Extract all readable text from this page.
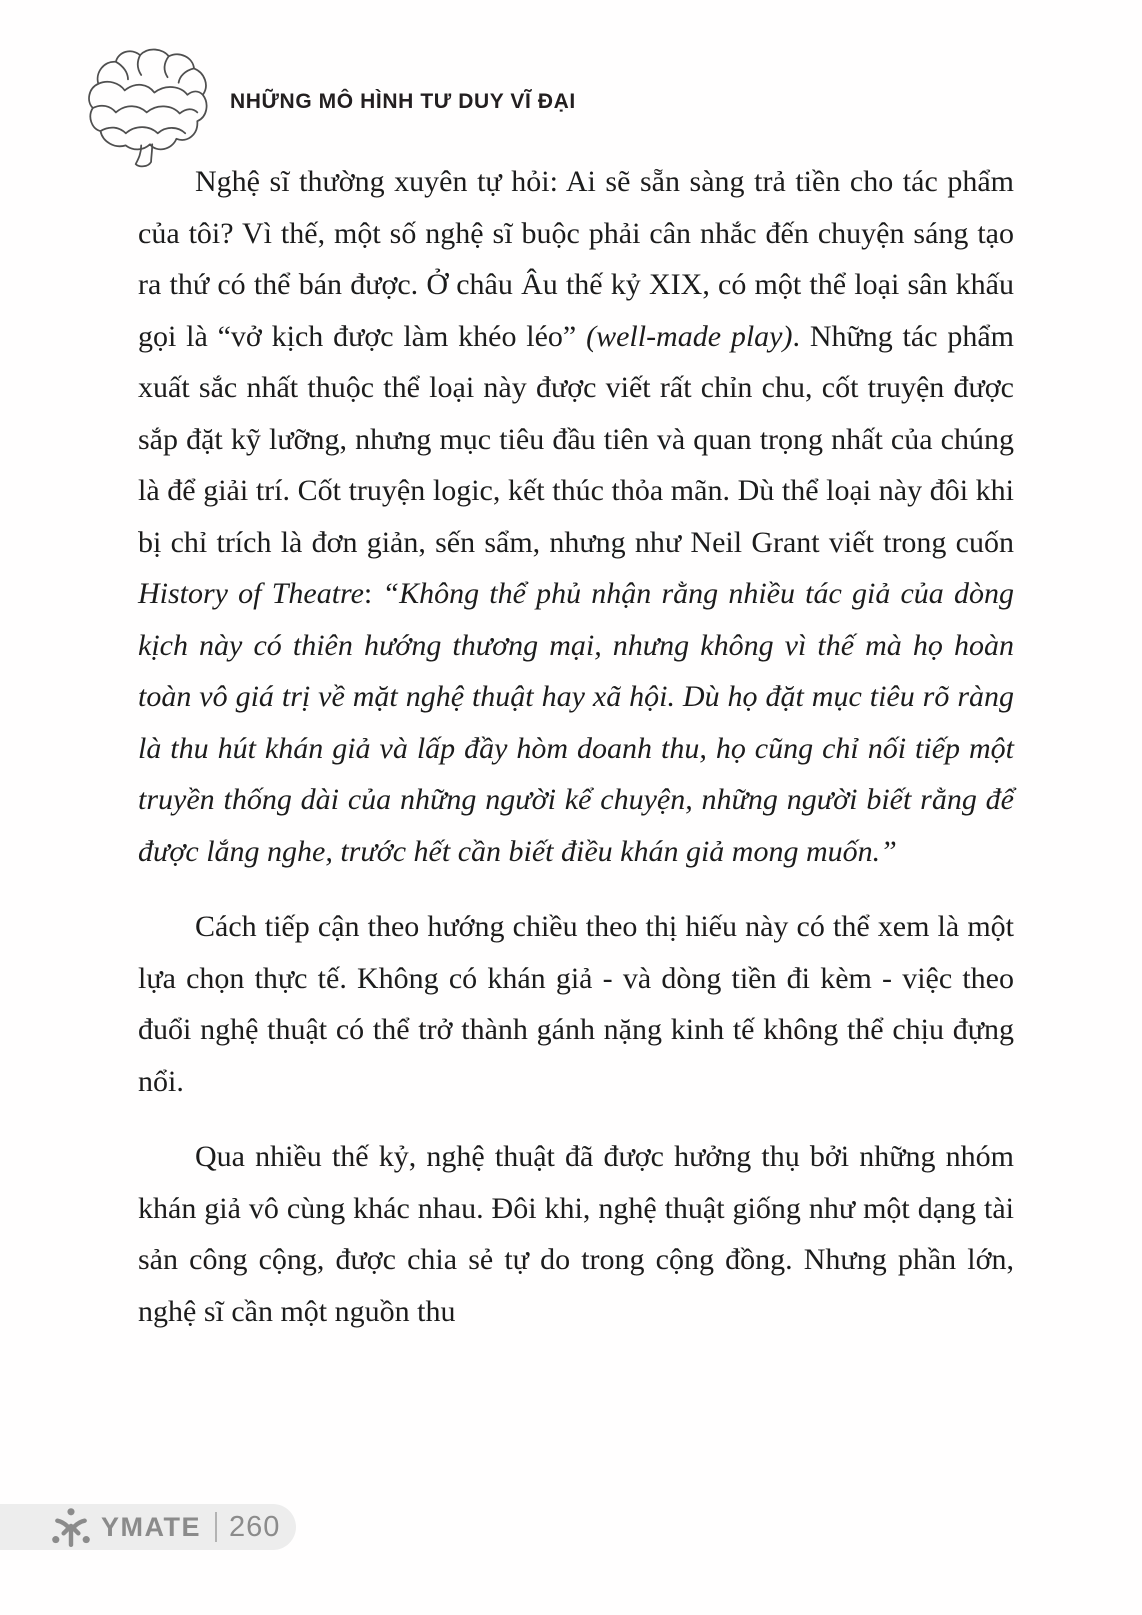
NHỮNG MÔ HÌNH TƯ DUY VĨ ĐẠI

Nghệ sĩ thường xuyên tự hỏi: Ai sẽ sẵn sàng trả tiền cho tác phẩm của tôi? Vì thế, một số nghệ sĩ buộc phải cân nhắc đến chuyện sáng tạo ra thứ có thể bán được. Ở châu Âu thế kỷ XIX, có một thể loại sân khấu gọi là “vở kịch được làm khéo léo” (well-made play). Những tác phẩm xuất sắc nhất thuộc thể loại này được viết rất chỉn chu, cốt truyện được sắp đặt kỹ lưỡng, nhưng mục tiêu đầu tiên và quan trọng nhất của chúng là để giải trí. Cốt truyện logic, kết thúc thỏa mãn. Dù thể loại này đôi khi bị chỉ trích là đơn giản, sến sẩm, nhưng như Neil Grant viết trong cuốn History of Theatre: “Không thể phủ nhận rằng nhiều tác giả của dòng kịch này có thiên hướng thương mại, nhưng không vì thế mà họ hoàn toàn vô giá trị về mặt nghệ thuật hay xã hội. Dù họ đặt mục tiêu rõ ràng là thu hút khán giả và lấp đầy hòm doanh thu, họ cũng chỉ nối tiếp một truyền thống dài của những người kể chuyện, những người biết rằng để được lắng nghe, trước hết cần biết điều khán giả mong muốn.”

Cách tiếp cận theo hướng chiều theo thị hiếu này có thể xem là một lựa chọn thực tế. Không có khán giả - và dòng tiền đi kèm - việc theo đuổi nghệ thuật có thể trở thành gánh nặng kinh tế không thể chịu đựng nổi.

Qua nhiều thế kỷ, nghệ thuật đã được hưởng thụ bởi những nhóm khán giả vô cùng khác nhau. Đôi khi, nghệ thuật giống như một dạng tài sản công cộng, được chia sẻ tự do trong cộng đồng. Nhưng phần lớn, nghệ sĩ cần một nguồn thu

YMATE 260
